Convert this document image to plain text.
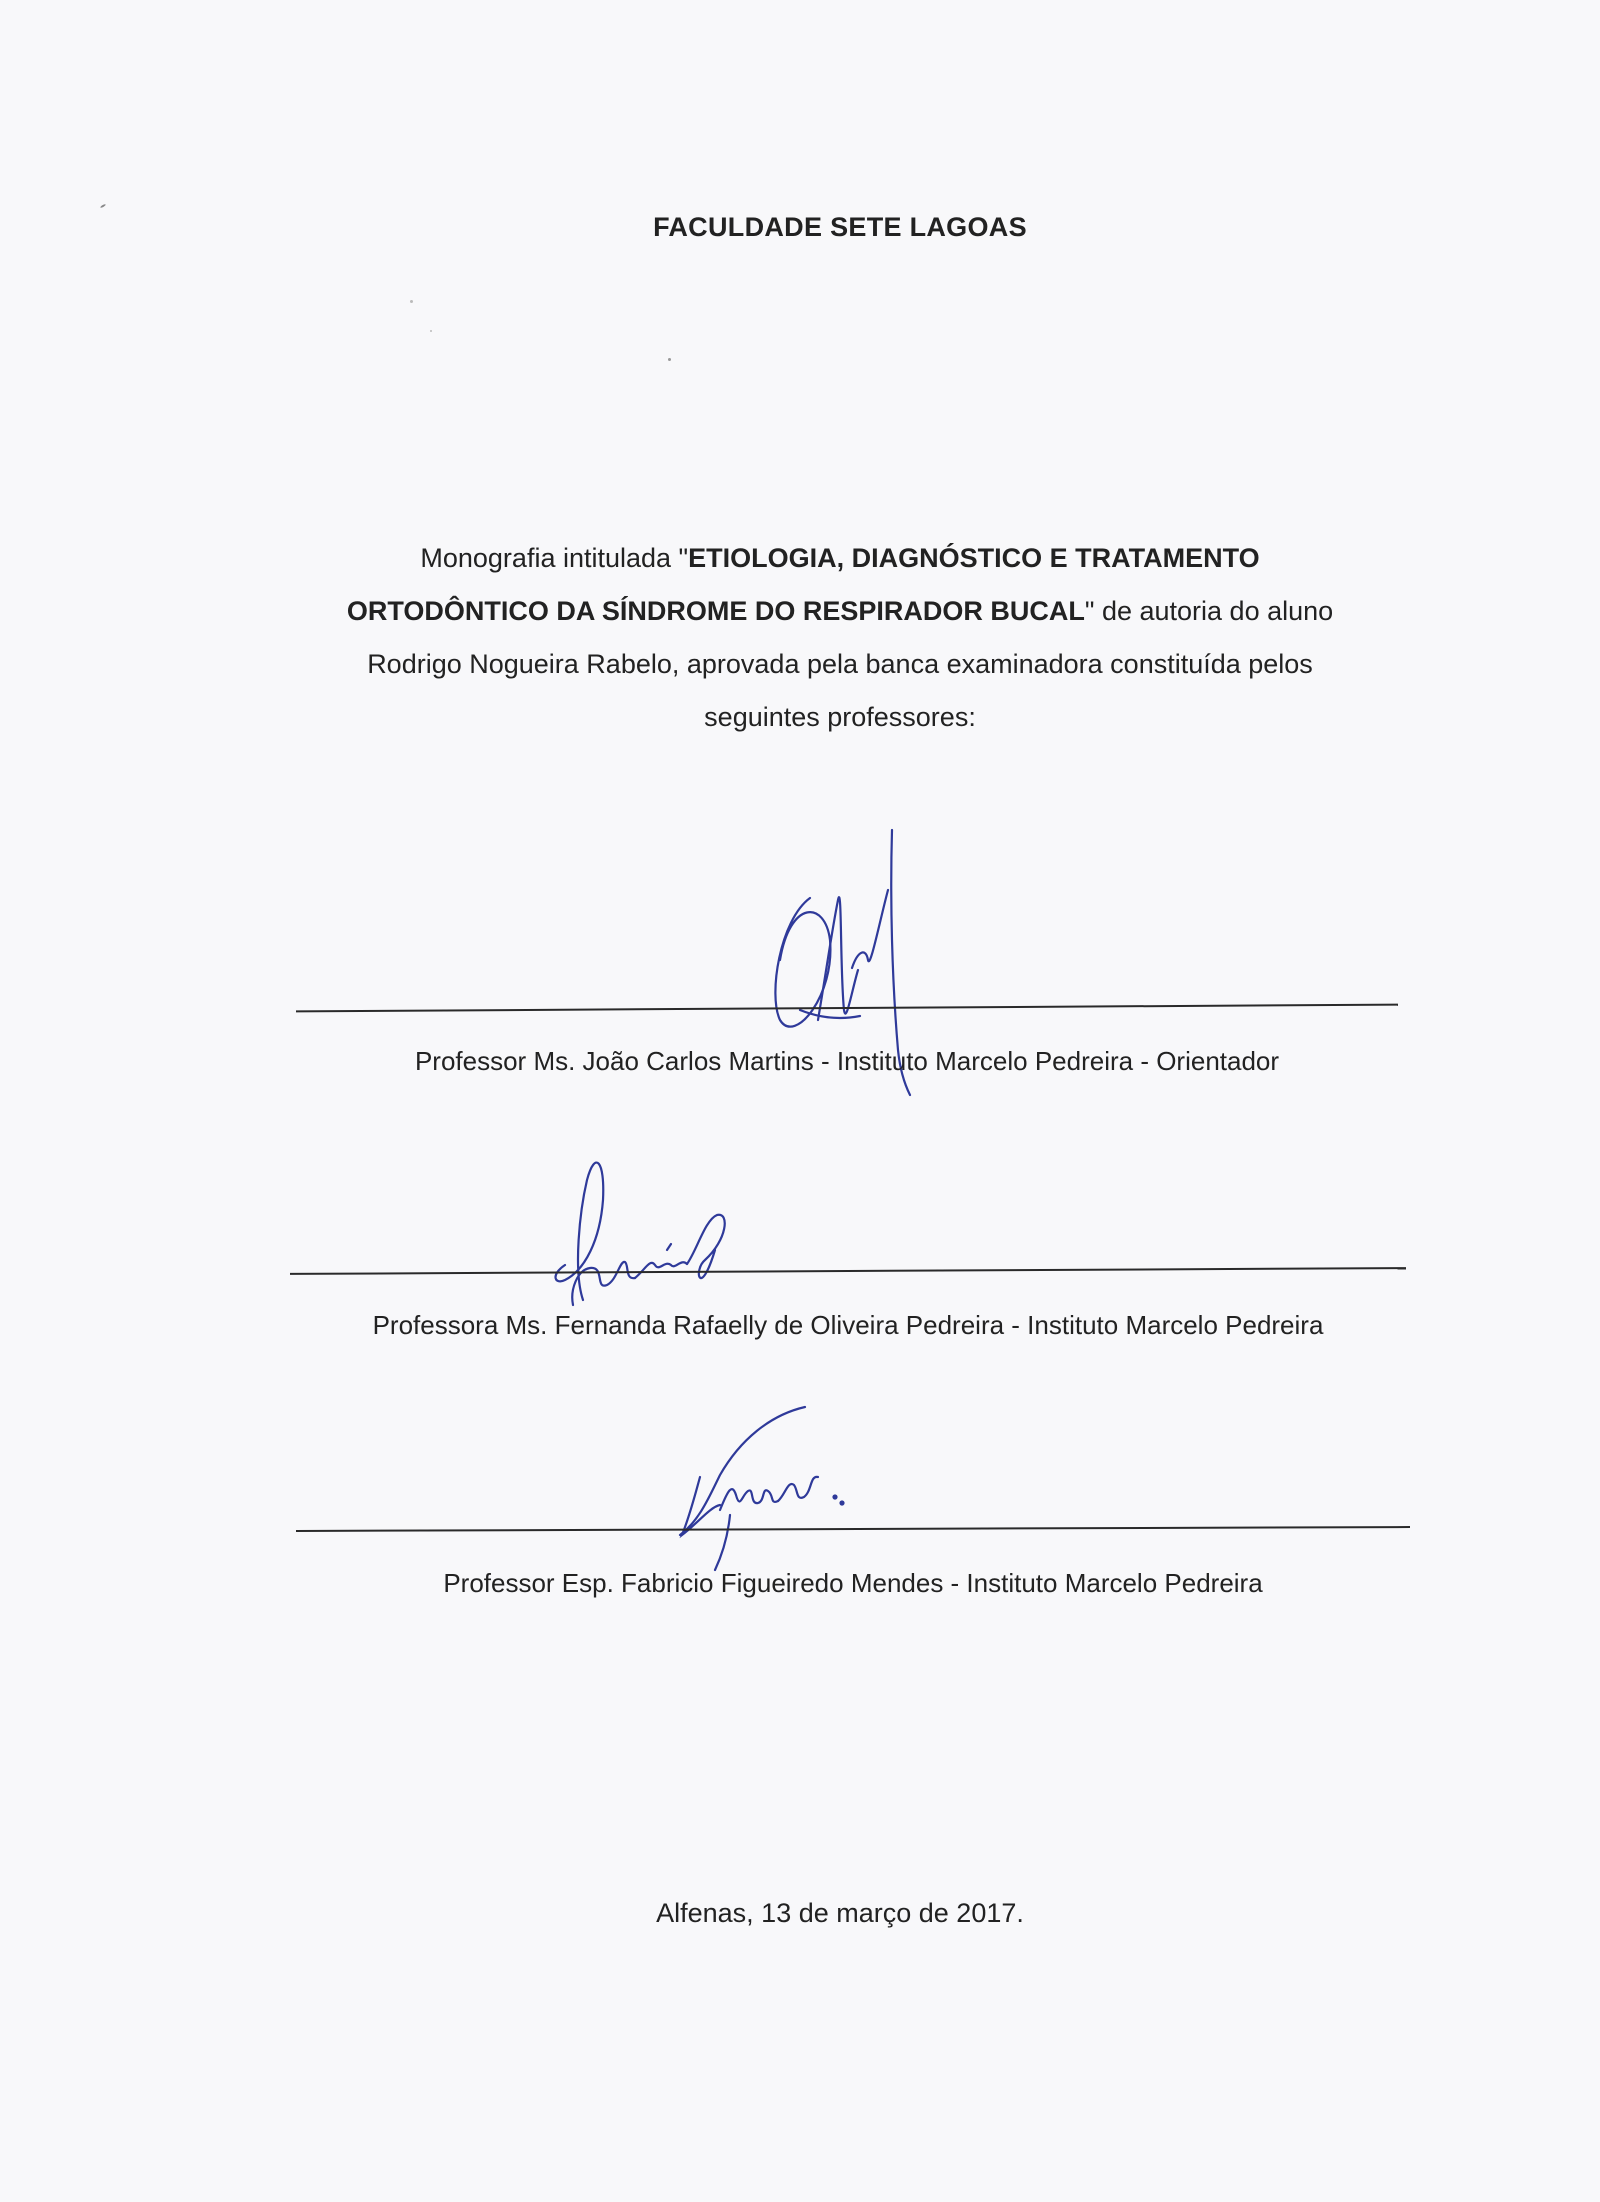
FACULDADE SETE LAGOAS
Monografia intitulada "ETIOLOGIA, DIAGNÓSTICO E TRATAMENTO
ORTODÔNTICO DA SÍNDROME DO RESPIRADOR BUCAL" de autoria do aluno
Rodrigo Nogueira Rabelo, aprovada pela banca examinadora constituída pelos
seguintes professores:
Professor Ms. João Carlos Martins - Instituto Marcelo Pedreira - Orientador
Professora Ms. Fernanda Rafaelly de Oliveira Pedreira - Instituto Marcelo Pedreira
Professor Esp. Fabricio Figueiredo Mendes - Instituto Marcelo Pedreira
Alfenas, 13 de março de 2017.
